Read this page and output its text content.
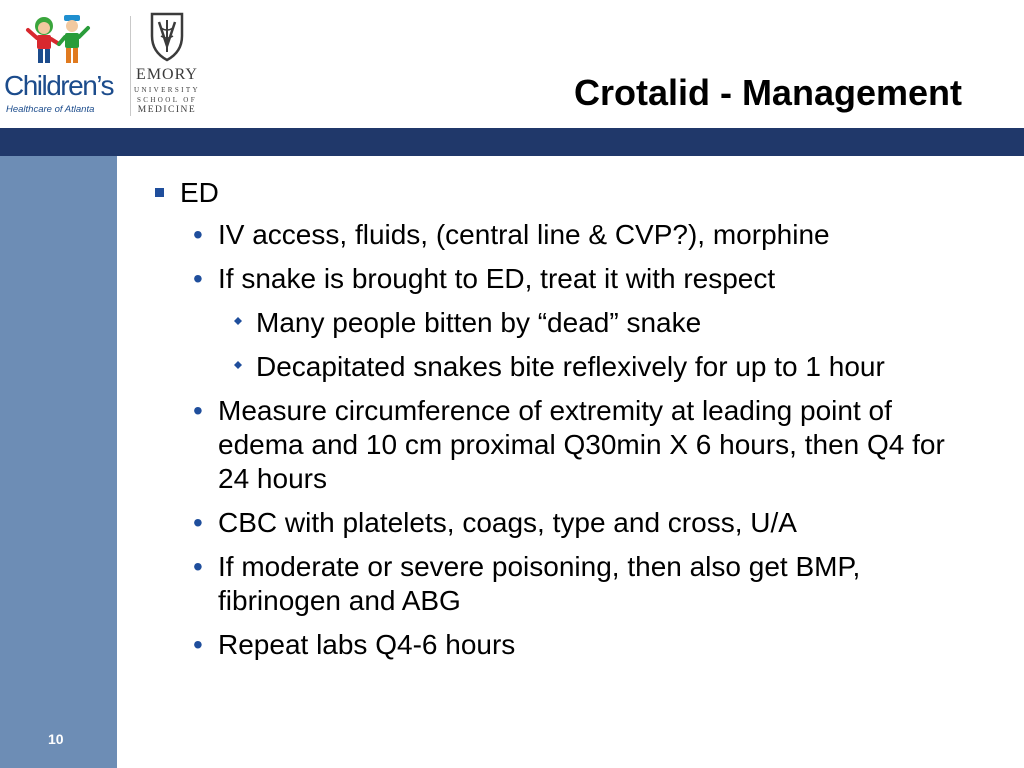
Children’s
Healthcare of Atlanta
EMORY
UNIVERSITY
SCHOOL OF
MEDICINE	Crotalid - Management
10
ED
• IV access, fluids, (central line & CVP?), morphine
• If snake is brought to ED, treat it with respect
Many people bitten by “dead” snake
Decapitated snakes bite reflexively for up to 1 hour
• Measure circumference of extremity at leading point of edema and 10 cm proximal Q30min X 6 hours, then Q4 for 24 hours
• CBC with platelets, coags, type and cross, U/A
• If moderate or severe poisoning, then also get BMP, fibrinogen and ABG
• Repeat labs Q4-6 hours
